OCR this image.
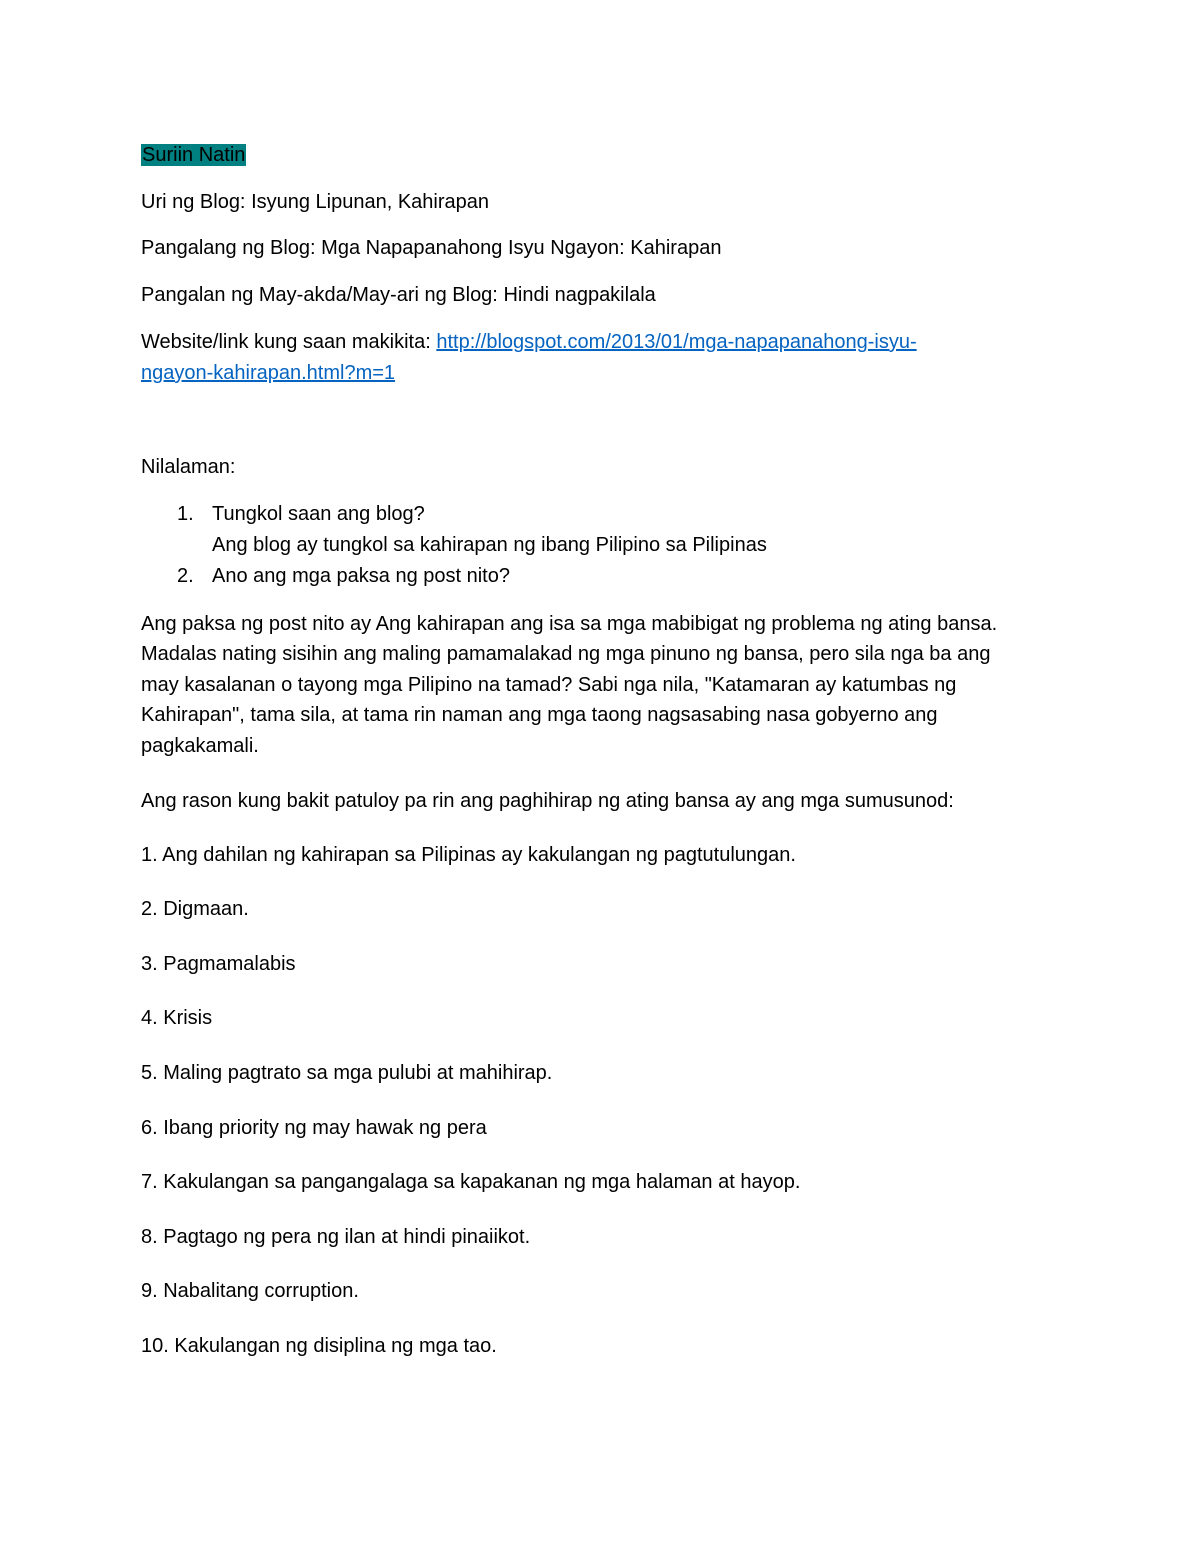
Suriin Natin

Uri ng Blog: Isyung Lipunan, Kahirapan

Pangalang ng Blog: Mga Napapanahong Isyu Ngayon: Kahirapan

Pangalan ng May-akda/May-ari ng Blog: Hindi nagpakilala

Website/link kung saan makikita: http://blogspot.com/2013/01/mga-napapanahong-isyu-
ngayon-kahirapan.html?m=1

Nilalaman:

1. Tungkol saan ang blog?
Ang blog ay tungkol sa kahirapan ng ibang Pilipino sa Pilipinas
2. Ano ang mga paksa ng post nito?

Ang paksa ng post nito ay Ang kahirapan ang isa sa mga mabibigat ng problema ng ating bansa.

Madalas nating sisihin ang maling pamamalakad ng mga pinuno ng bansa, pero sila nga ba ang

may kasalanan o tayong mga Pilipino na tamad? Sabi nga nila, "Katamaran ay katumbas ng

Kahirapan", tama sila, at tama rin naman ang mga taong nagsasabing nasa gobyerno ang

pagkakamali.

Ang rason kung bakit patuloy pa rin ang paghihirap ng ating bansa ay ang mga sumusunod:

1. Ang dahilan ng kahirapan sa Pilipinas ay kakulangan ng pagtutulungan.

2. Digmaan.

3. Pagmamalabis

4. Krisis

5. Maling pagtrato sa mga pulubi at mahihirap.

6. Ibang priority ng may hawak ng pera

7. Kakulangan sa pangangalaga sa kapakanan ng mga halaman at hayop.

8. Pagtago ng pera ng ilan at hindi pinaiikot.

9. Nabalitang corruption.

10. Kakulangan ng disiplina ng mga tao.
